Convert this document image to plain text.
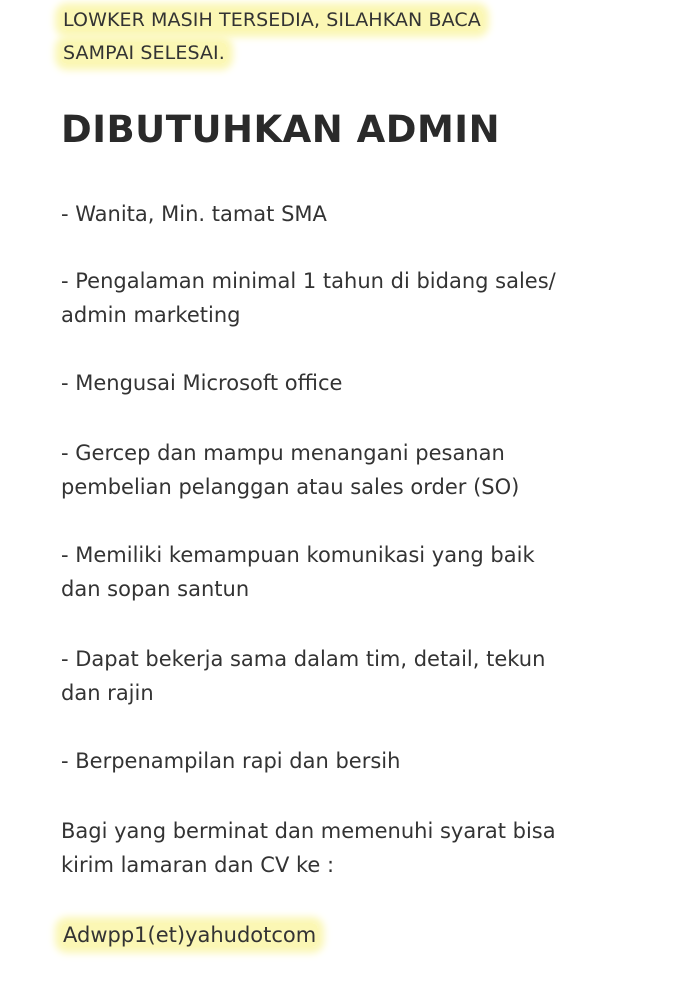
LOWKER MASIH TERSEDIA, SILAHKAN BACA
SAMPAI SELESAI.
DIBUTUHKAN ADMIN
- Wanita, Min. tamat SMA
- Pengalaman minimal 1 tahun di bidang sales/
admin marketing
- Mengusai Microsoft office
- Gercep dan mampu menangani pesanan
pembelian pelanggan atau sales order (SO)
- Memiliki kemampuan komunikasi yang baik
dan sopan santun
- Dapat bekerja sama dalam tim, detail, tekun
dan rajin
- Berpenampilan rapi dan bersih
Bagi yang berminat dan memenuhi syarat bisa
kirim lamaran dan CV ke :
Adwpp1(et)yahudotcom
